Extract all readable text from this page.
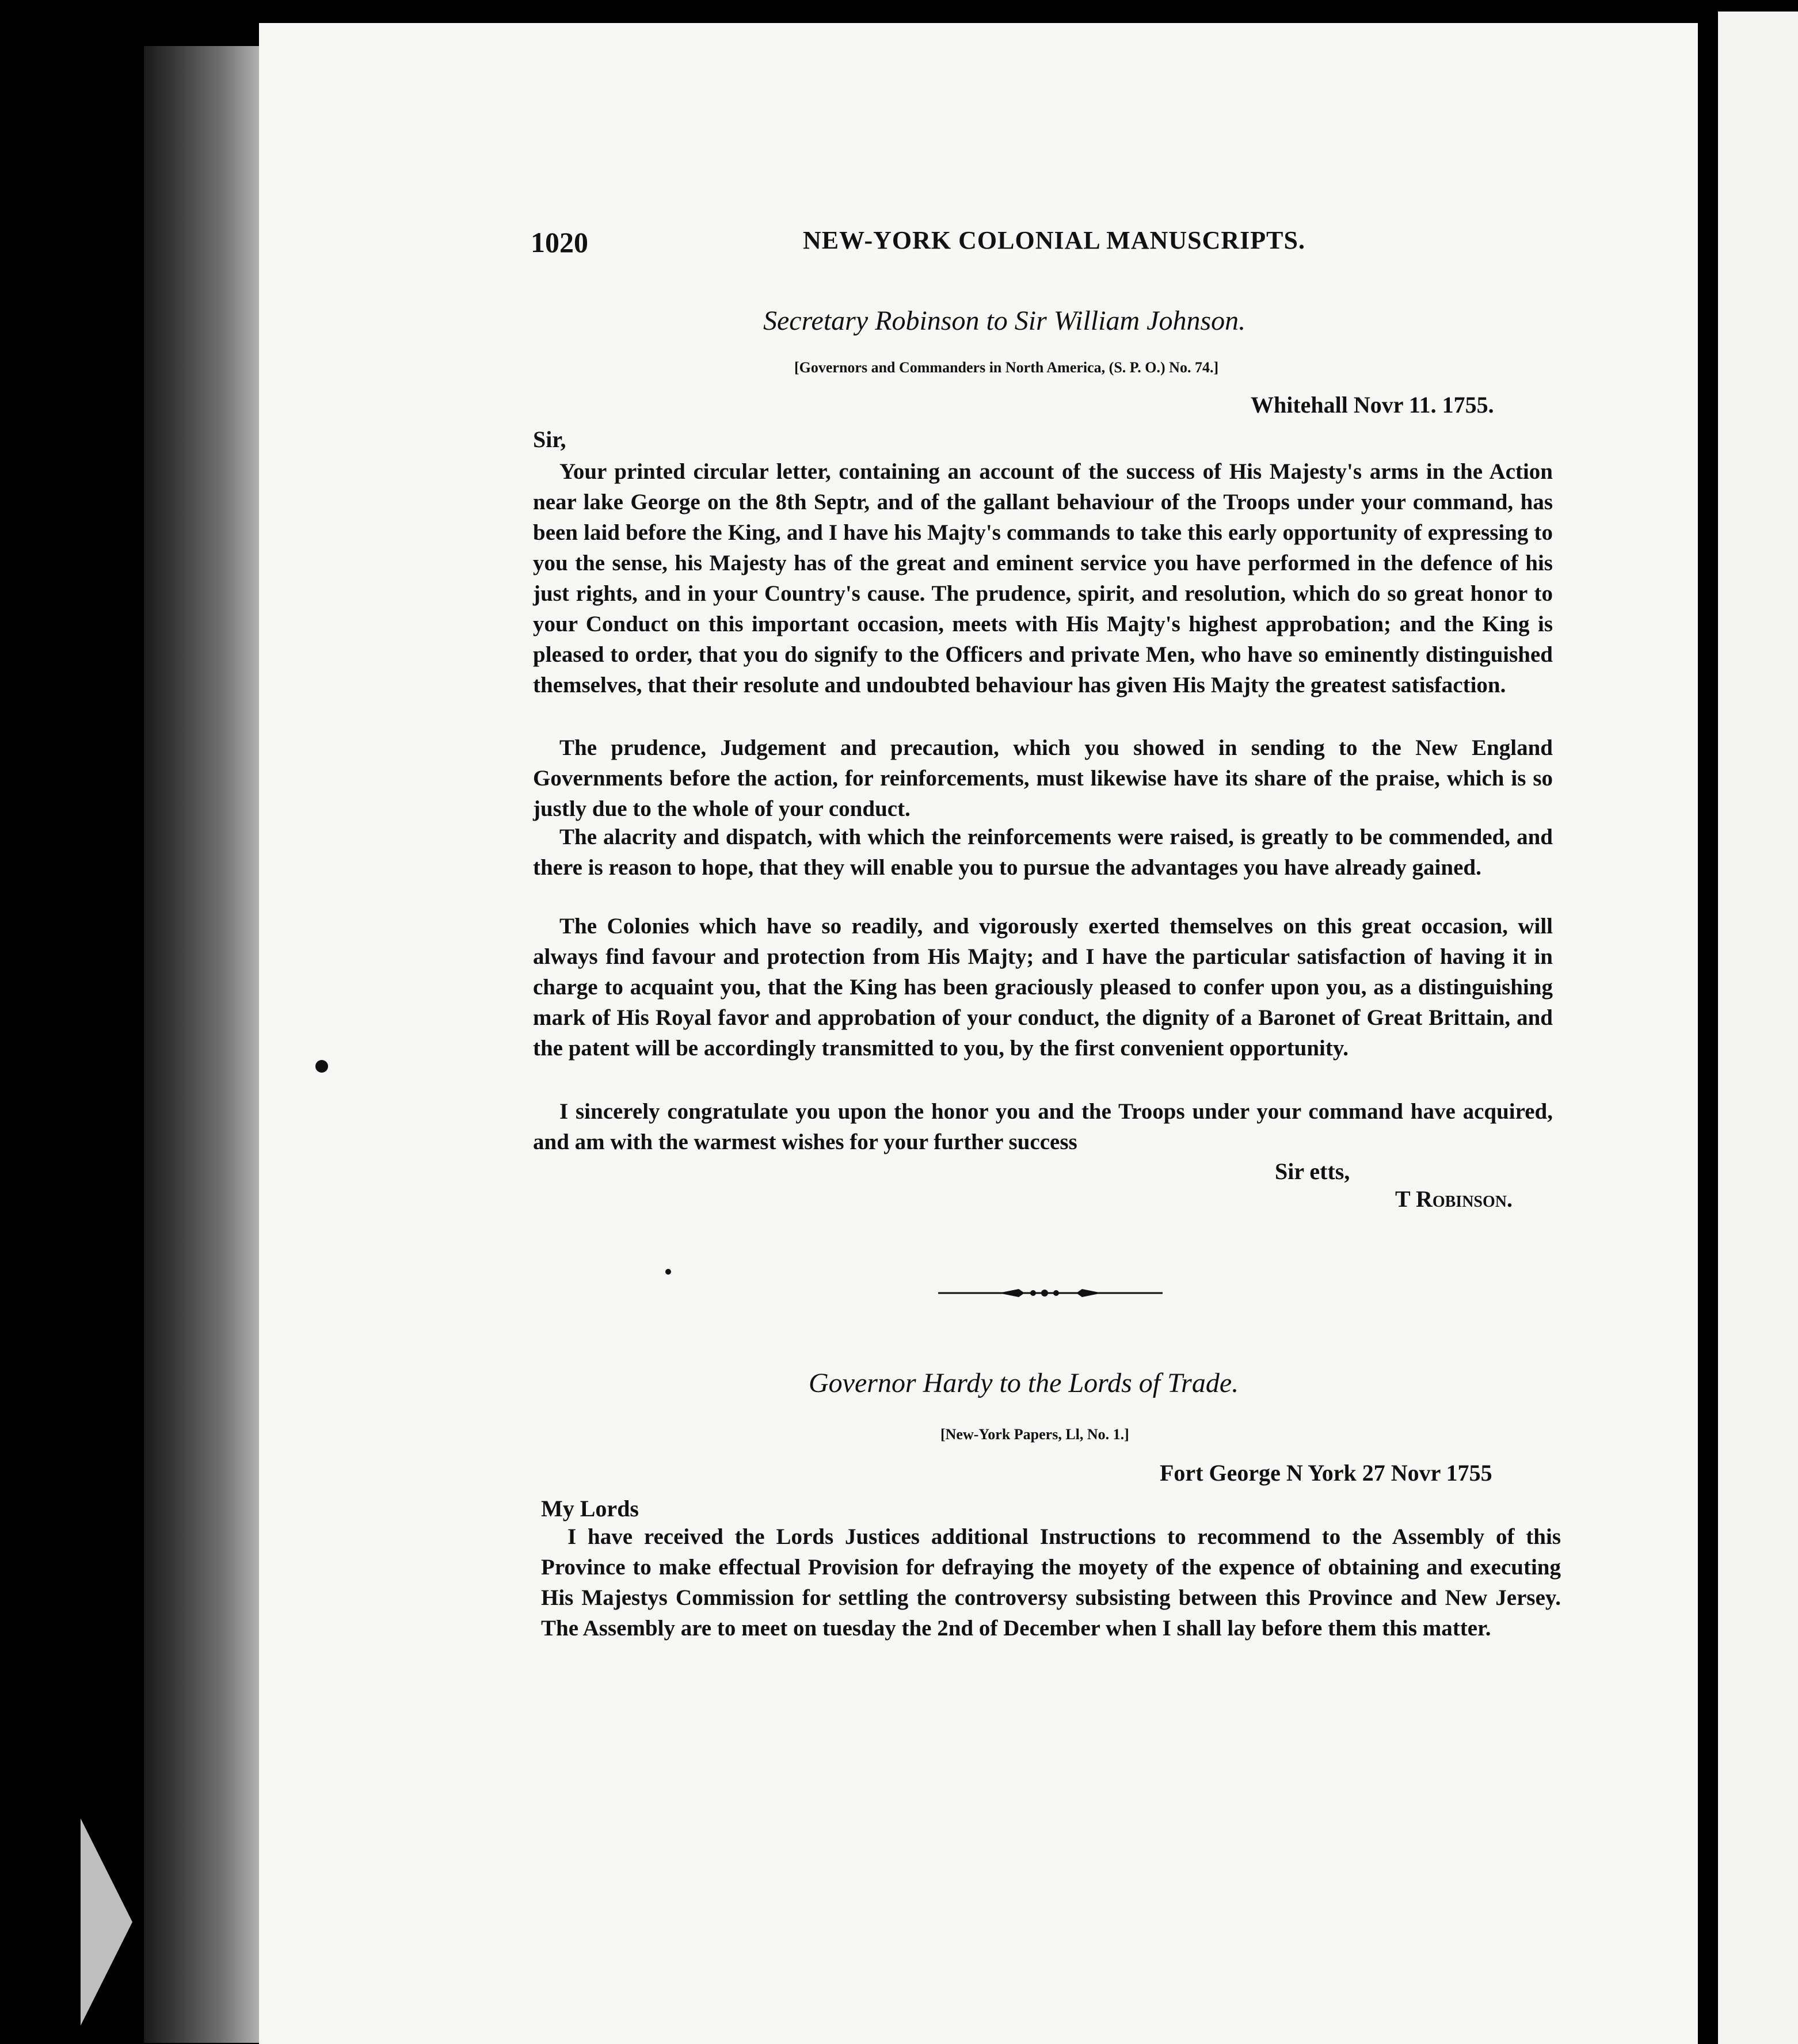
1020	NEW-YORK COLONIAL MANUSCRIPTS.
Secretary Robinson to Sir William Johnson.
[Governors and Commanders in North America, (S. P. O.) No. 74.]
Whitehall Novr 11. 1755.
Sir,

Your printed circular letter, containing an account of the success of His Majesty's arms in the Action near lake George on the 8th Septr, and of the gallant behaviour of the Troops under your command, has been laid before the King, and I have his Majty's commands to take this early opportunity of expressing to you the sense, his Majesty has of the great and eminent service you have performed in the defence of his just rights, and in your Country's cause. The prudence, spirit, and resolution, which do so great honor to your Conduct on this important occasion, meets with His Majty's highest approbation; and the King is pleased to order, that you do signify to the Officers and private Men, who have so eminently distinguished themselves, that their resolute and undoubted behaviour has given His Majty the greatest satisfaction.

The prudence, Judgement and precaution, which you showed in sending to the New England Governments before the action, for reinforcements, must likewise have its share of the praise, which is so justly due to the whole of your conduct.

The alacrity and dispatch, with which the reinforcements were raised, is greatly to be commended, and there is reason to hope, that they will enable you to pursue the advantages you have already gained.

The Colonies which have so readily, and vigorously exerted themselves on this great occasion, will always find favour and protection from His Majty; and I have the particular satisfaction of having it in charge to acquaint you, that the King has been graciously pleased to confer upon you, as a distinguishing mark of His Royal favor and approbation of your conduct, the dignity of a Baronet of Great Brittain, and the patent will be accordingly transmitted to you, by the first convenient opportunity.

I sincerely congratulate you upon the honor you and the Troops under your command have acquired, and am with the warmest wishes for your further success

Sir etts,
T Robinson.
Governor Hardy to the Lords of Trade.
[New-York Papers, Ll, No. 1.]
Fort George N York 27 Novr 1755
My Lords

I have received the Lords Justices additional Instructions to recommend to the Assembly of this Province to make effectual Provision for defraying the moyety of the expence of obtaining and executing His Majestys Commission for settling the controversy subsisting between this Province and New Jersey. The Assembly are to meet on tuesday the 2nd of December when I shall lay before them this matter.
